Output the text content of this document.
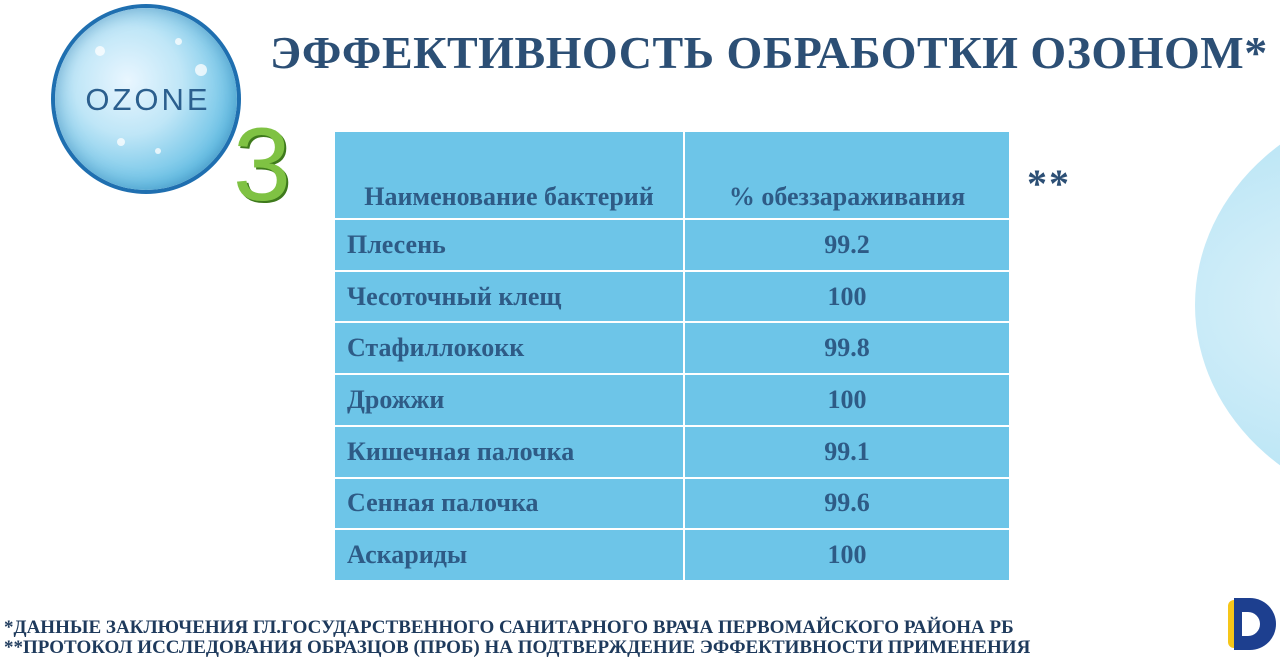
OZONE
3
ЭФФЕКТИВНОСТЬ ОБРАБОТКИ ОЗОНОМ*
**
Наименование бактерий	% обеззараживания
Плесень	99.2
Чесоточный клещ	100
Стафиллококк	99.8
Дрожжи	100
Кишечная палочка	99.1
Сенная палочка	99.6
Аскариды	100
*ДАННЫЕ ЗАКЛЮЧЕНИЯ ГЛ.ГОСУДАРСТВЕННОГО САНИТАРНОГО ВРАЧА ПЕРВОМАЙСКОГО РАЙОНА РБ
**ПРОТОКОЛ ИССЛЕДОВАНИЯ ОБРАЗЦОВ (ПРОБ) НА ПОДТВЕРЖДЕНИЕ ЭФФЕКТИВНОСТИ ПРИМЕНЕНИЯ
